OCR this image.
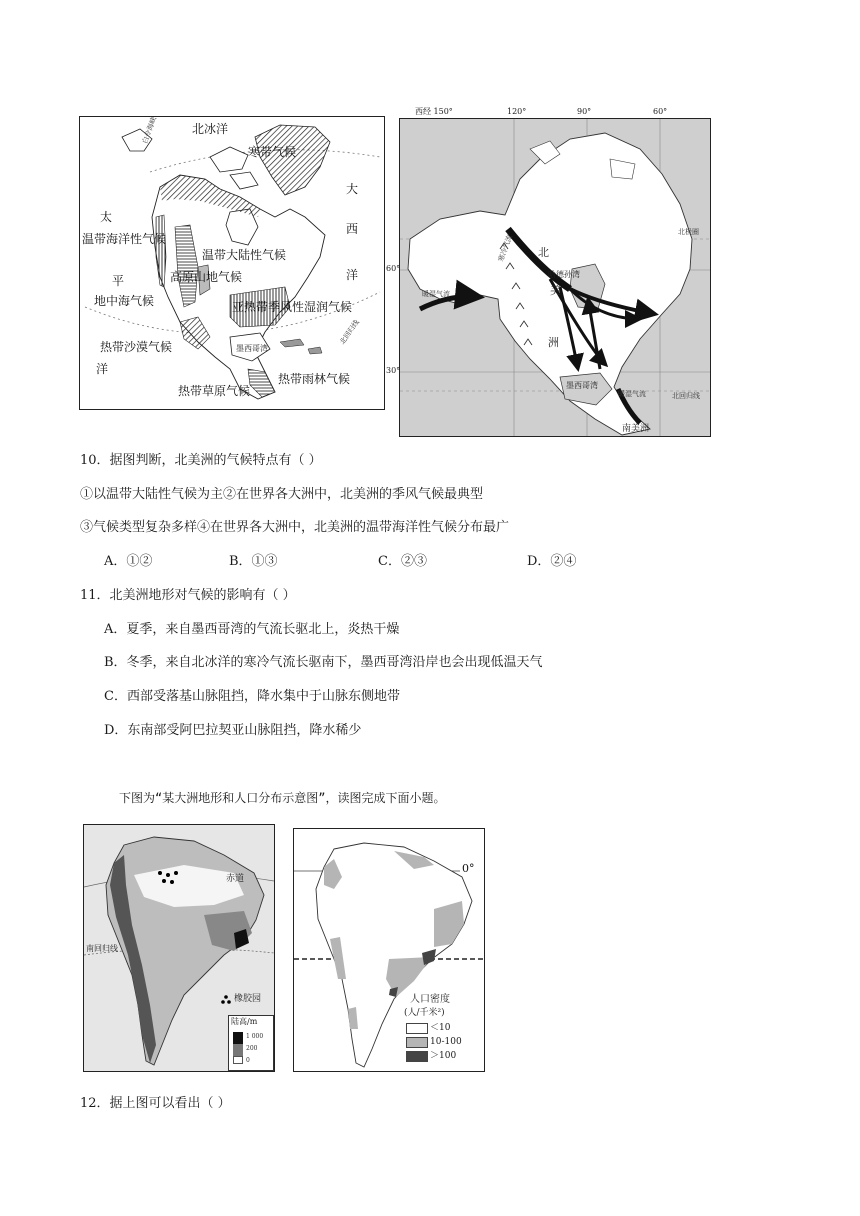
北冰洋
寒带气候
大
西
洋
太
温带海洋性气候
温带大陆性气候
平	高原山地气候
地中海气候	亚热带季风性湿润气候
北回归线
墨西哥湾
热带沙漠气候
洋
热带雨林气候
热带草原气候
白令海峡
西经 150°	120°	90°	60°
60°
30°
北极圈
北
哈德孙湾
美
洲
寒冷气流
暖湿气流
墨西哥湾
暖湿气流	北回归线
南美洲
10．据图判断，北美洲的气候特点有（ ）
①以温带大陆性气候为主②在世界各大洲中，北美洲的季风气候最典型
③气候类型复杂多样④在世界各大洲中，北美洲的温带海洋性气候分布最广
A．①②	B．①③	C．②③	D．②④
11．北美洲地形对气候的影响有（ ）
A．夏季，来自墨西哥湾的气流长驱北上，炎热干燥
B．冬季，来自北冰洋的寒冷气流长驱南下，墨西哥湾沿岸也会出现低温天气
C．西部受落基山脉阻挡，降水集中于山脉东侧地带
D．东南部受阿巴拉契亚山脉阻挡，降水稀少
下图为“某大洲地形和人口分布示意图”，读图完成下面小题。
赤道
南回归线
橡胶园
陆高/m
1 000
200
0
0°
人口密度
(人/千米²)
＜10
10-100
＞100
12．据上图可以看出（ ）
